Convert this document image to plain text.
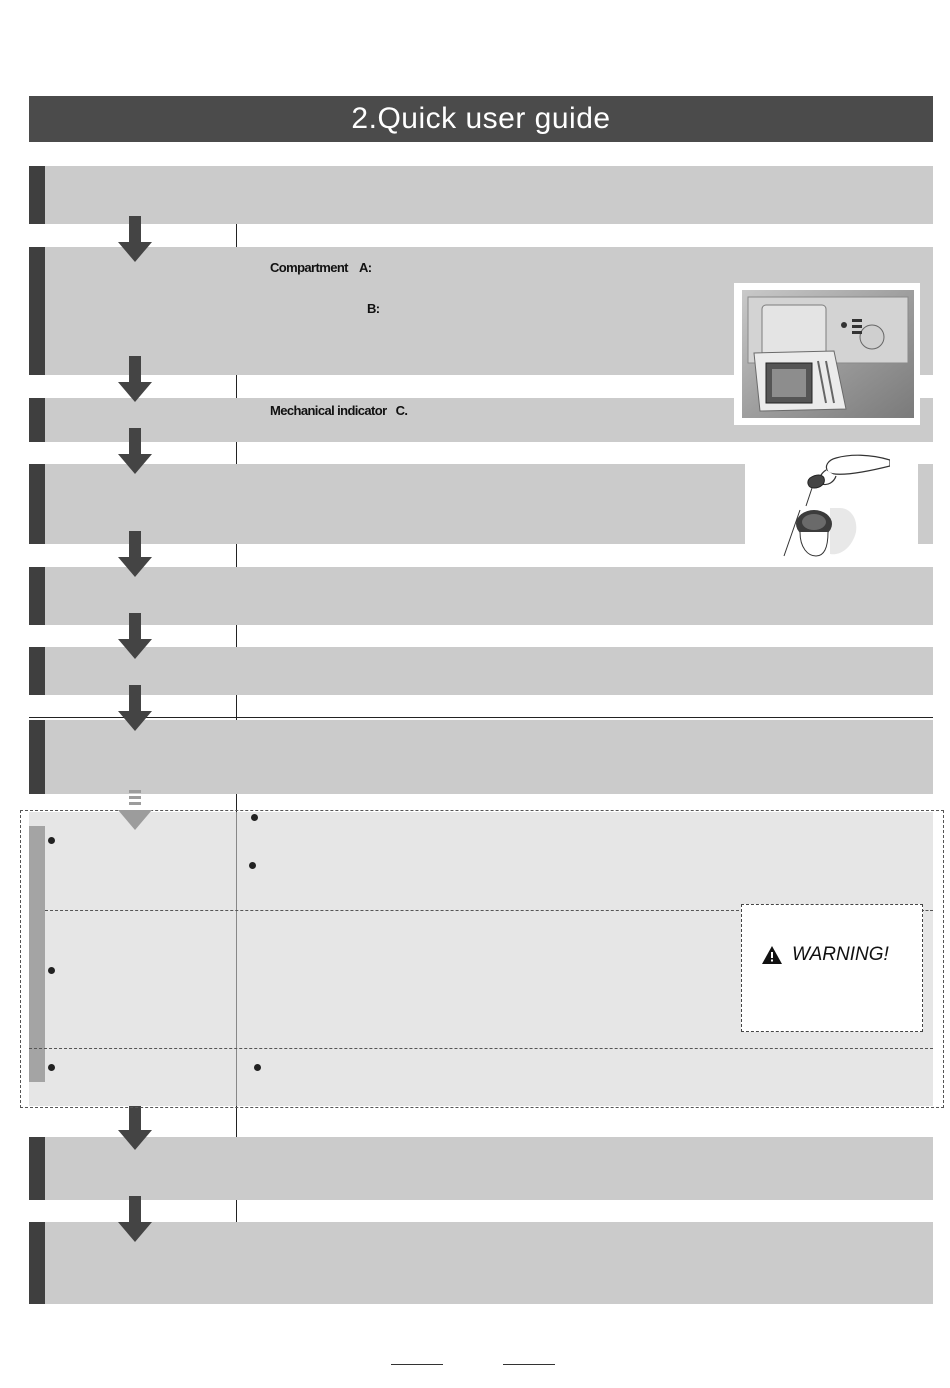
2.Quick user guide
Compartment A:
B:
Mechanical indicator C.
WARNING!
